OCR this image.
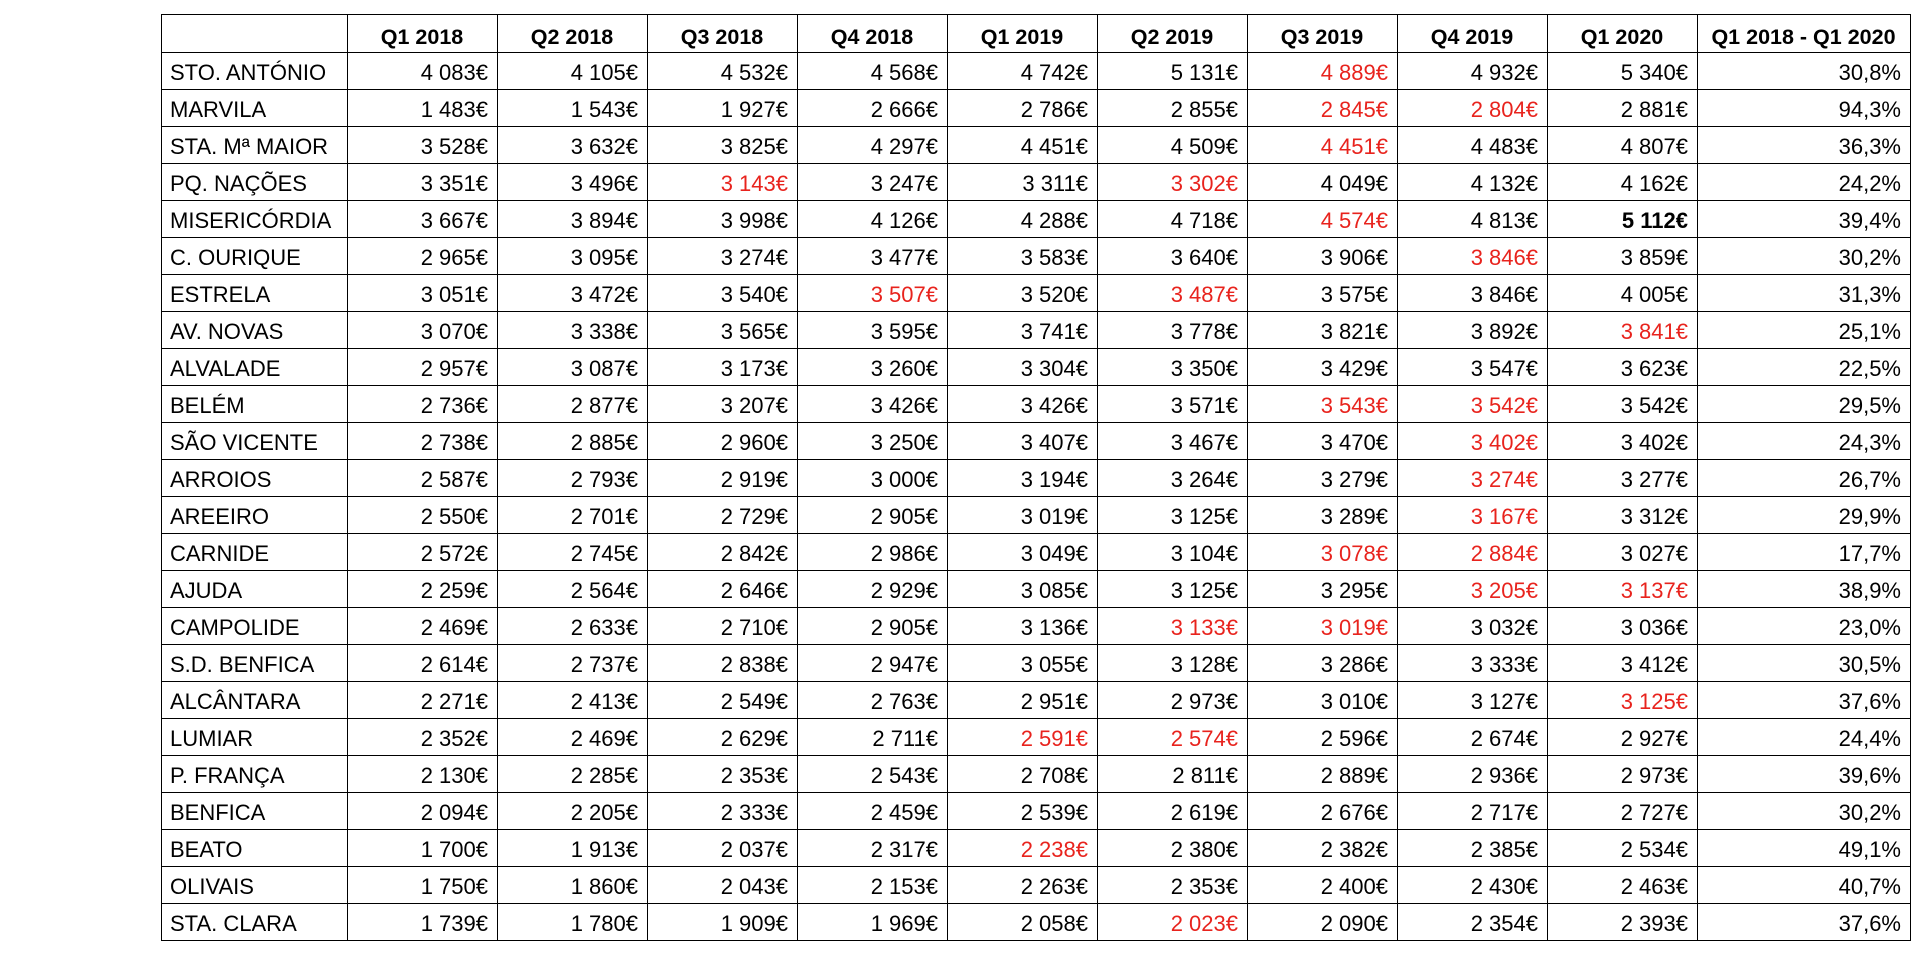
	Q1 2018	Q2 2018	Q3 2018	Q4 2018	Q1 2019	Q2 2019	Q3 2019	Q4 2019	Q1 2020	Q1 2018 - Q1 2020
STO. ANTÓNIO	4 083€	4 105€	4 532€	4 568€	4 742€	5 131€	4 889€	4 932€	5 340€	30,8%
MARVILA	1 483€	1 543€	1 927€	2 666€	2 786€	2 855€	2 845€	2 804€	2 881€	94,3%
STA. Mª MAIOR	3 528€	3 632€	3 825€	4 297€	4 451€	4 509€	4 451€	4 483€	4 807€	36,3%
PQ. NAÇÕES	3 351€	3 496€	3 143€	3 247€	3 311€	3 302€	4 049€	4 132€	4 162€	24,2%
MISERICÓRDIA	3 667€	3 894€	3 998€	4 126€	4 288€	4 718€	4 574€	4 813€	5 112€	39,4%
C. OURIQUE	2 965€	3 095€	3 274€	3 477€	3 583€	3 640€	3 906€	3 846€	3 859€	30,2%
ESTRELA	3 051€	3 472€	3 540€	3 507€	3 520€	3 487€	3 575€	3 846€	4 005€	31,3%
AV. NOVAS	3 070€	3 338€	3 565€	3 595€	3 741€	3 778€	3 821€	3 892€	3 841€	25,1%
ALVALADE	2 957€	3 087€	3 173€	3 260€	3 304€	3 350€	3 429€	3 547€	3 623€	22,5%
BELÉM	2 736€	2 877€	3 207€	3 426€	3 426€	3 571€	3 543€	3 542€	3 542€	29,5%
SÃO VICENTE	2 738€	2 885€	2 960€	3 250€	3 407€	3 467€	3 470€	3 402€	3 402€	24,3%
ARROIOS	2 587€	2 793€	2 919€	3 000€	3 194€	3 264€	3 279€	3 274€	3 277€	26,7%
AREEIRO	2 550€	2 701€	2 729€	2 905€	3 019€	3 125€	3 289€	3 167€	3 312€	29,9%
CARNIDE	2 572€	2 745€	2 842€	2 986€	3 049€	3 104€	3 078€	2 884€	3 027€	17,7%
AJUDA	2 259€	2 564€	2 646€	2 929€	3 085€	3 125€	3 295€	3 205€	3 137€	38,9%
CAMPOLIDE	2 469€	2 633€	2 710€	2 905€	3 136€	3 133€	3 019€	3 032€	3 036€	23,0%
S.D. BENFICA	2 614€	2 737€	2 838€	2 947€	3 055€	3 128€	3 286€	3 333€	3 412€	30,5%
ALCÂNTARA	2 271€	2 413€	2 549€	2 763€	2 951€	2 973€	3 010€	3 127€	3 125€	37,6%
LUMIAR	2 352€	2 469€	2 629€	2 711€	2 591€	2 574€	2 596€	2 674€	2 927€	24,4%
P. FRANÇA	2 130€	2 285€	2 353€	2 543€	2 708€	2 811€	2 889€	2 936€	2 973€	39,6%
BENFICA	2 094€	2 205€	2 333€	2 459€	2 539€	2 619€	2 676€	2 717€	2 727€	30,2%
BEATO	1 700€	1 913€	2 037€	2 317€	2 238€	2 380€	2 382€	2 385€	2 534€	49,1%
OLIVAIS	1 750€	1 860€	2 043€	2 153€	2 263€	2 353€	2 400€	2 430€	2 463€	40,7%
STA. CLARA	1 739€	1 780€	1 909€	1 969€	2 058€	2 023€	2 090€	2 354€	2 393€	37,6%
